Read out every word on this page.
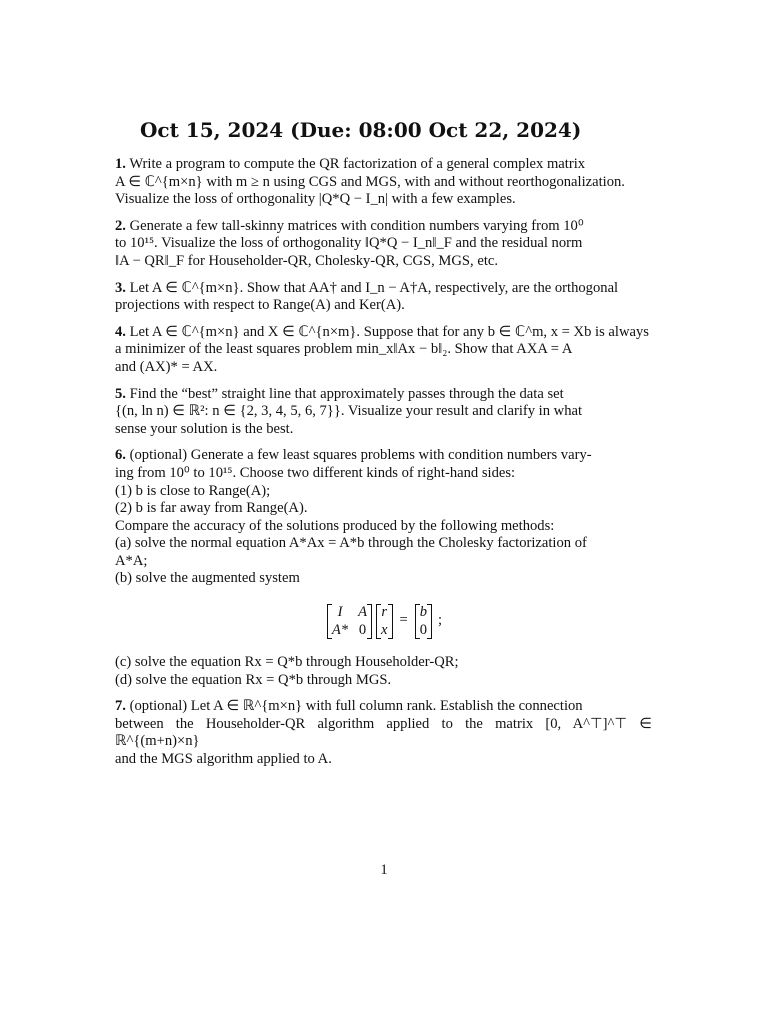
Oct 15, 2024 (Due: 08:00 Oct 22, 2024)
1. Write a program to compute the QR factorization of a general complex matrix
A ∈ ℂ^{m×n} with m ≥ n using CGS and MGS, with and without reorthogonalization.
Visualize the loss of orthogonality |Q*Q − I_n| with a few examples.
2. Generate a few tall-skinny matrices with condition numbers varying from 10⁰
to 10¹⁵. Visualize the loss of orthogonality ‖Q*Q − I_n‖_F and the residual norm
‖A − QR‖_F for Householder-QR, Cholesky-QR, CGS, MGS, etc.
3. Let A ∈ ℂ^{m×n}. Show that AA† and I_n − A†A, respectively, are the orthogonal
projections with respect to Range(A) and Ker(A).
4. Let A ∈ ℂ^{m×n} and X ∈ ℂ^{n×m}. Suppose that for any b ∈ ℂ^m, x = Xb is always
a minimizer of the least squares problem min_x‖Ax − b‖₂. Show that AXA = A
and (AX)* = AX.
5. Find the “best” straight line that approximately passes through the data set
{(n, ln n) ∈ ℝ²: n ∈ {2, 3, 4, 5, 6, 7}}. Visualize your result and clarify in what
sense your solution is the best.
6. (optional) Generate a few least squares problems with condition numbers vary-
ing from 10⁰ to 10¹⁵. Choose two different kinds of right-hand sides:
(1) b is close to Range(A);
(2) b is far away from Range(A).
Compare the accuracy of the solutions produced by the following methods:
(a) solve the normal equation A*Ax = A*b through the Cholesky factorization of
A*A;
(b) solve the augmented system
I	A
A* 0
r
x
=
b
0
;
(c) solve the equation Rx = Q*b through Householder-QR;
(d) solve the equation Rx = Q*b through MGS.
7. (optional) Let A ∈ ℝ^{m×n} with full column rank. Establish the connection
between the Householder-QR algorithm applied to the matrix [0, A^⊤]^⊤ ∈ ℝ^{(m+n)×n}
and the MGS algorithm applied to A.
1
